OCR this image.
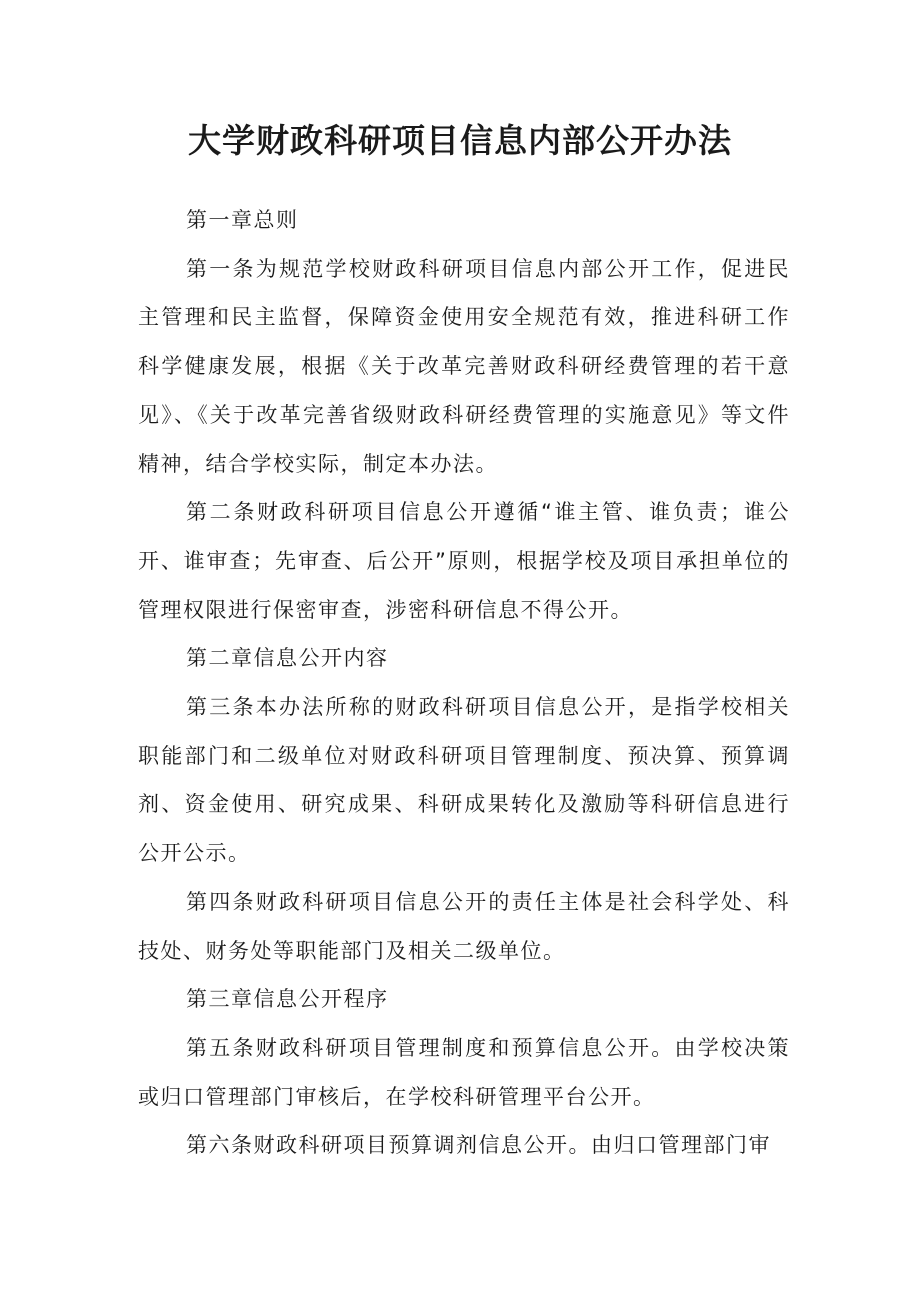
大学财政科研项目信息内部公开办法

第一章总则

第一条为规范学校财政科研项目信息内部公开工作，促进民主管理和民主监督，保障资金使用安全规范有效，推进科研工作科学健康发展，根据《关于改革完善财政科研经费管理的若干意见》、《关于改革完善省级财政科研经费管理的实施意见》等文件精神，结合学校实际，制定本办法。

第二条财政科研项目信息公开遵循“谁主管、谁负责；谁公开、谁审查；先审查、后公开”原则，根据学校及项目承担单位的管理权限进行保密审查，涉密科研信息不得公开。

第二章信息公开内容

第三条本办法所称的财政科研项目信息公开，是指学校相关职能部门和二级单位对财政科研项目管理制度、预决算、预算调剂、资金使用、研究成果、科研成果转化及激励等科研信息进行公开公示。

第四条财政科研项目信息公开的责任主体是社会科学处、科技处、财务处等职能部门及相关二级单位。

第三章信息公开程序

第五条财政科研项目管理制度和预算信息公开。由学校决策或归口管理部门审核后，在学校科研管理平台公开。

第六条财政科研项目预算调剂信息公开。由归口管理部门审
